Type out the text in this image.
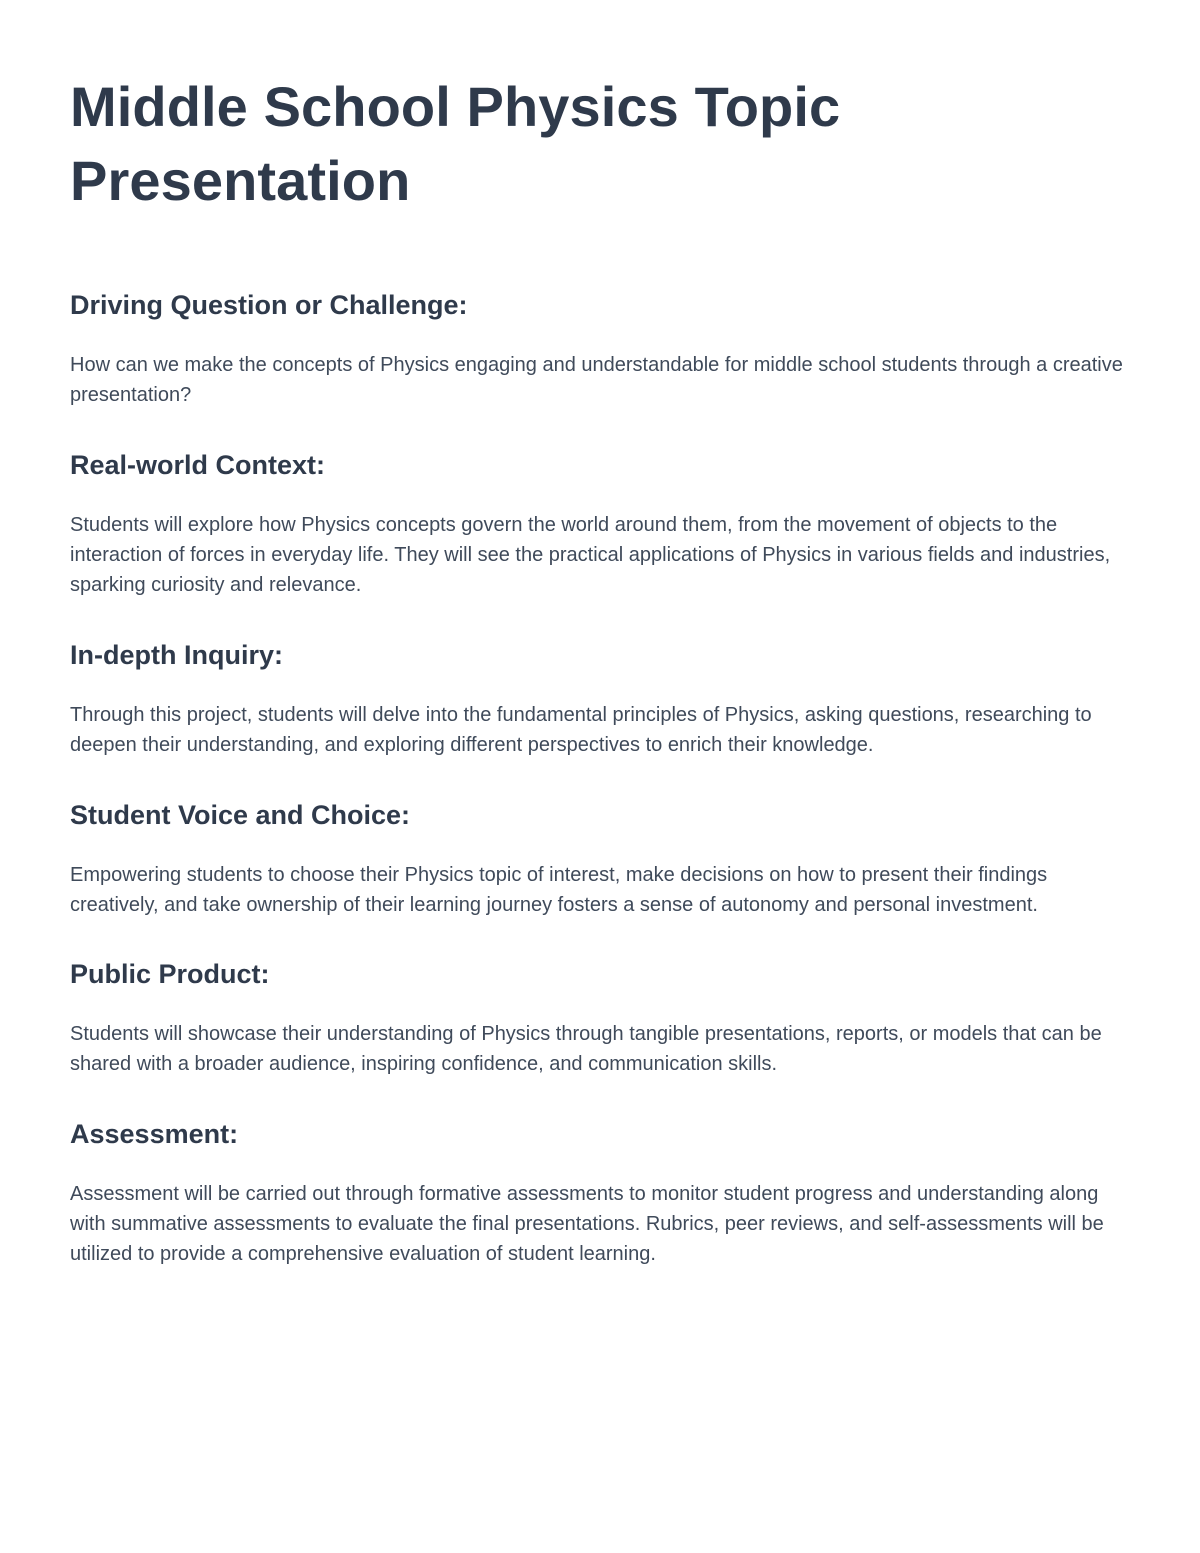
Middle School Physics Topic Presentation
Driving Question or Challenge:

How can we make the concepts of Physics engaging and understandable for middle school students through a creative presentation?

Real-world Context:

Students will explore how Physics concepts govern the world around them, from the movement of objects to the interaction of forces in everyday life. They will see the practical applications of Physics in various fields and industries, sparking curiosity and relevance.

In-depth Inquiry:

Through this project, students will delve into the fundamental principles of Physics, asking questions, researching to deepen their understanding, and exploring different perspectives to enrich their knowledge.

Student Voice and Choice:

Empowering students to choose their Physics topic of interest, make decisions on how to present their findings creatively, and take ownership of their learning journey fosters a sense of autonomy and personal investment.

Public Product:

Students will showcase their understanding of Physics through tangible presentations, reports, or models that can be shared with a broader audience, inspiring confidence, and communication skills.

Assessment:

Assessment will be carried out through formative assessments to monitor student progress and understanding along with summative assessments to evaluate the final presentations. Rubrics, peer reviews, and self-assessments will be utilized to provide a comprehensive evaluation of student learning.
